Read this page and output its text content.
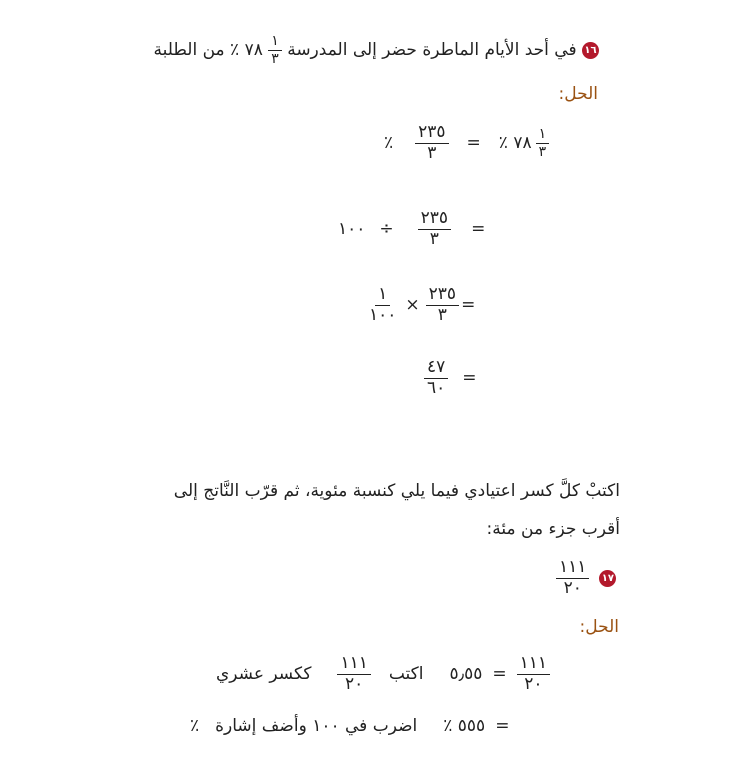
١٦ في أحد الأيام الماطرة حضر إلى المدرسة
$\frac{١}{٣}$
٧٨ ٪ من الطلبة
الحل:
٪ $\frac{٢٣٥}{٣}$ = ٪ ٧٨ $\frac{١}{٣}$
١٠٠ ÷ $\frac{٢٣٥}{٣}$ =
$\frac{١}{١٠٠} \times \frac{٢٣٥}{٣}$ =
$\frac{٤٧}{٦٠}$ =
اكتبْ كلَّ كسر اعتيادي فيما يلي كنسبة مئوية، ثم قرّب النَّاتج إلى
أقرب جزء من مئة:
$\frac{١١١}{٢٠}$ ١٧
الحل:
ككسر عشري $\frac{١١١}{٢٠}$ اكتب ٥٫٥٥ = $\frac{١١١}{٢٠}$
٪ اضرب في ١٠٠ وأضف إشارة ٪ ٥٥٥ =
